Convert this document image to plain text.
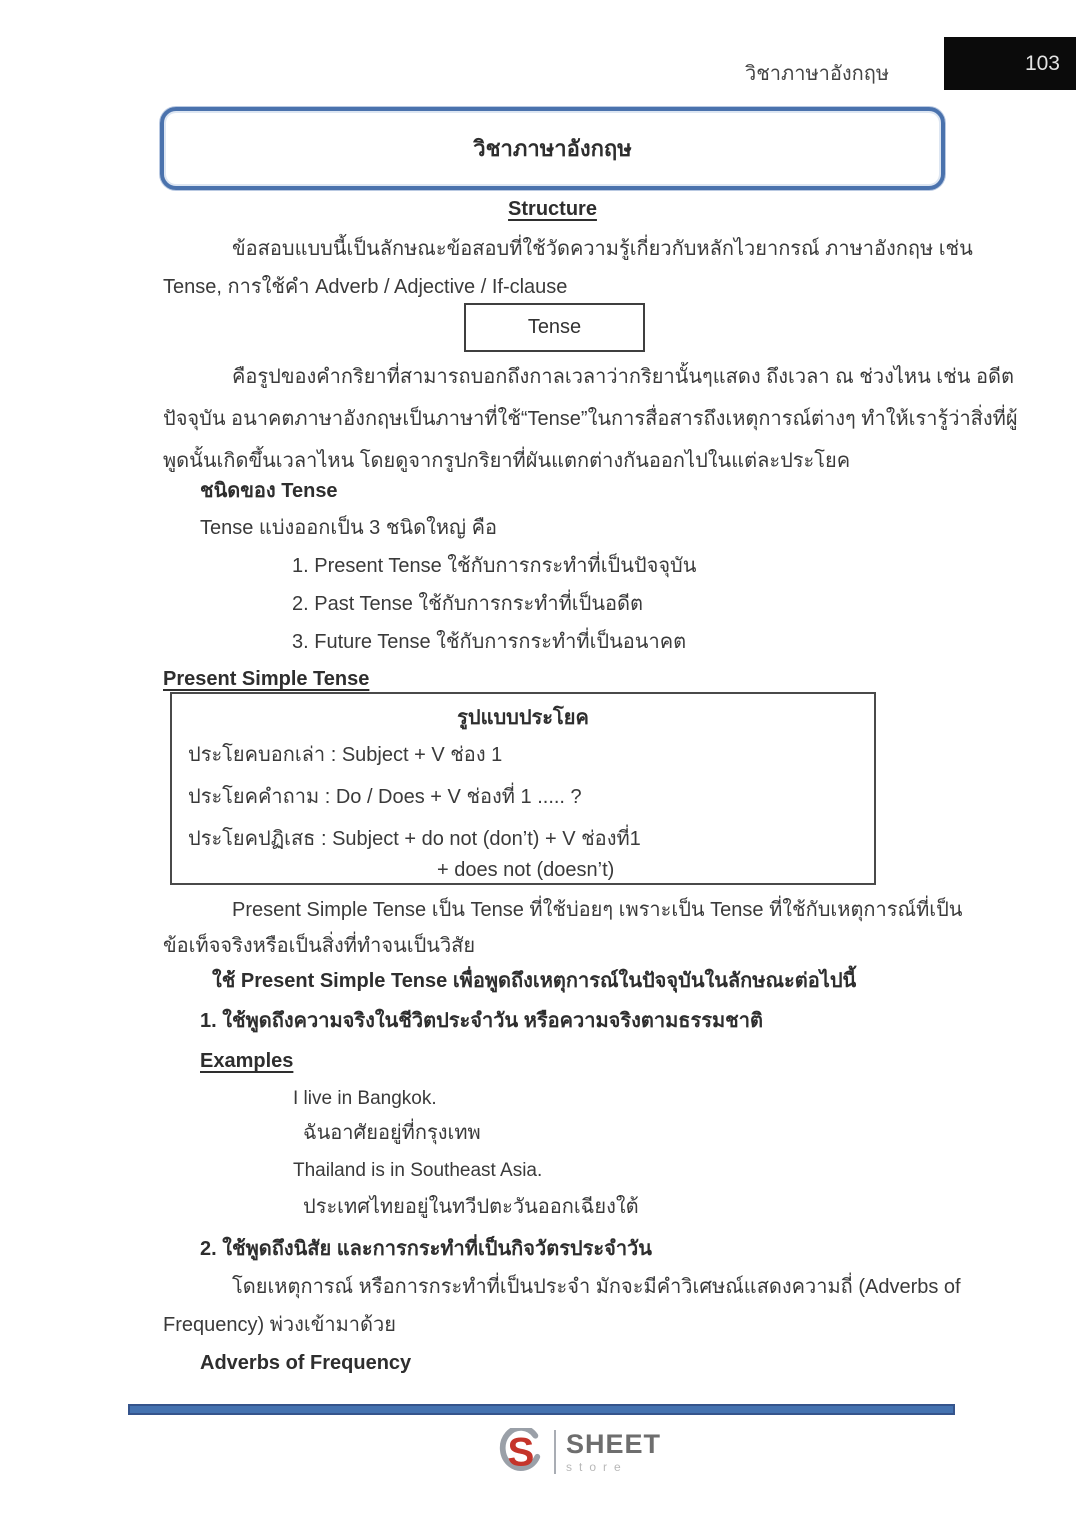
วิชาภาษาอังกฤษ	103
วิชาภาษาอังกฤษ
Structure
ข้อสอบแบบนี้เป็นลักษณะข้อสอบที่ใช้วัดความรู้เกี่ยวกับหลักไวยากรณ์ ภาษาอังกฤษ เช่น
Tense, การใช้คำ Adverb / Adjective / If-clause
Tense
คือรูปของคำกริยาที่สามารถบอกถึงกาลเวลาว่ากริยานั้นๆแสดง ถึงเวลา ณ ช่วงไหน เช่น อดีต
ปัจจุบัน อนาคตภาษาอังกฤษเป็นภาษาที่ใช้“Tense”ในการสื่อสารถึงเหตุการณ์ต่างๆ ทำให้เรารู้ว่าสิ่งที่ผู้
พูดนั้นเกิดขึ้นเวลาไหน โดยดูจากรูปกริยาที่ผันแตกต่างกันออกไปในแต่ละประโยค
ชนิดของ Tense
Tense แบ่งออกเป็น 3 ชนิดใหญ่ คือ
1. Present Tense ใช้กับการกระทำที่เป็นปัจจุบัน
2. Past Tense ใช้กับการกระทำที่เป็นอดีต
3. Future Tense ใช้กับการกระทำที่เป็นอนาคต
Present Simple Tense
รูปแบบประโยค
ประโยคบอกเล่า : Subject + V ช่อง 1
ประโยคคำถาม : Do / Does + V ช่องที่ 1 ..... ?
ประโยคปฏิเสธ : Subject + do not (don’t) + V ช่องที่1
+ does not (doesn’t)
Present Simple Tense เป็น Tense ที่ใช้บ่อยๆ เพราะเป็น Tense ที่ใช้กับเหตุการณ์ที่เป็น
ข้อเท็จจริงหรือเป็นสิ่งที่ทำจนเป็นวิสัย
ใช้ Present Simple Tense เพื่อพูดถึงเหตุการณ์ในปัจจุบันในลักษณะต่อไปนี้
1. ใช้พูดถึงความจริงในชีวิตประจำวัน หรือความจริงตามธรรมชาติ
Examples
I live in Bangkok.
ฉันอาศัยอยู่ที่กรุงเทพ
Thailand is in Southeast Asia.
ประเทศไทยอยู่ในทวีปตะวันออกเฉียงใต้
2. ใช้พูดถึงนิสัย และการกระทำที่เป็นกิจวัตรประจำวัน
โดยเหตุการณ์ หรือการกระทำที่เป็นประจำ มักจะมีคำวิเศษณ์แสดงความถี่ (Adverbs of
Frequency) พ่วงเข้ามาด้วย
Adverbs of Frequency
S SHEET
store
